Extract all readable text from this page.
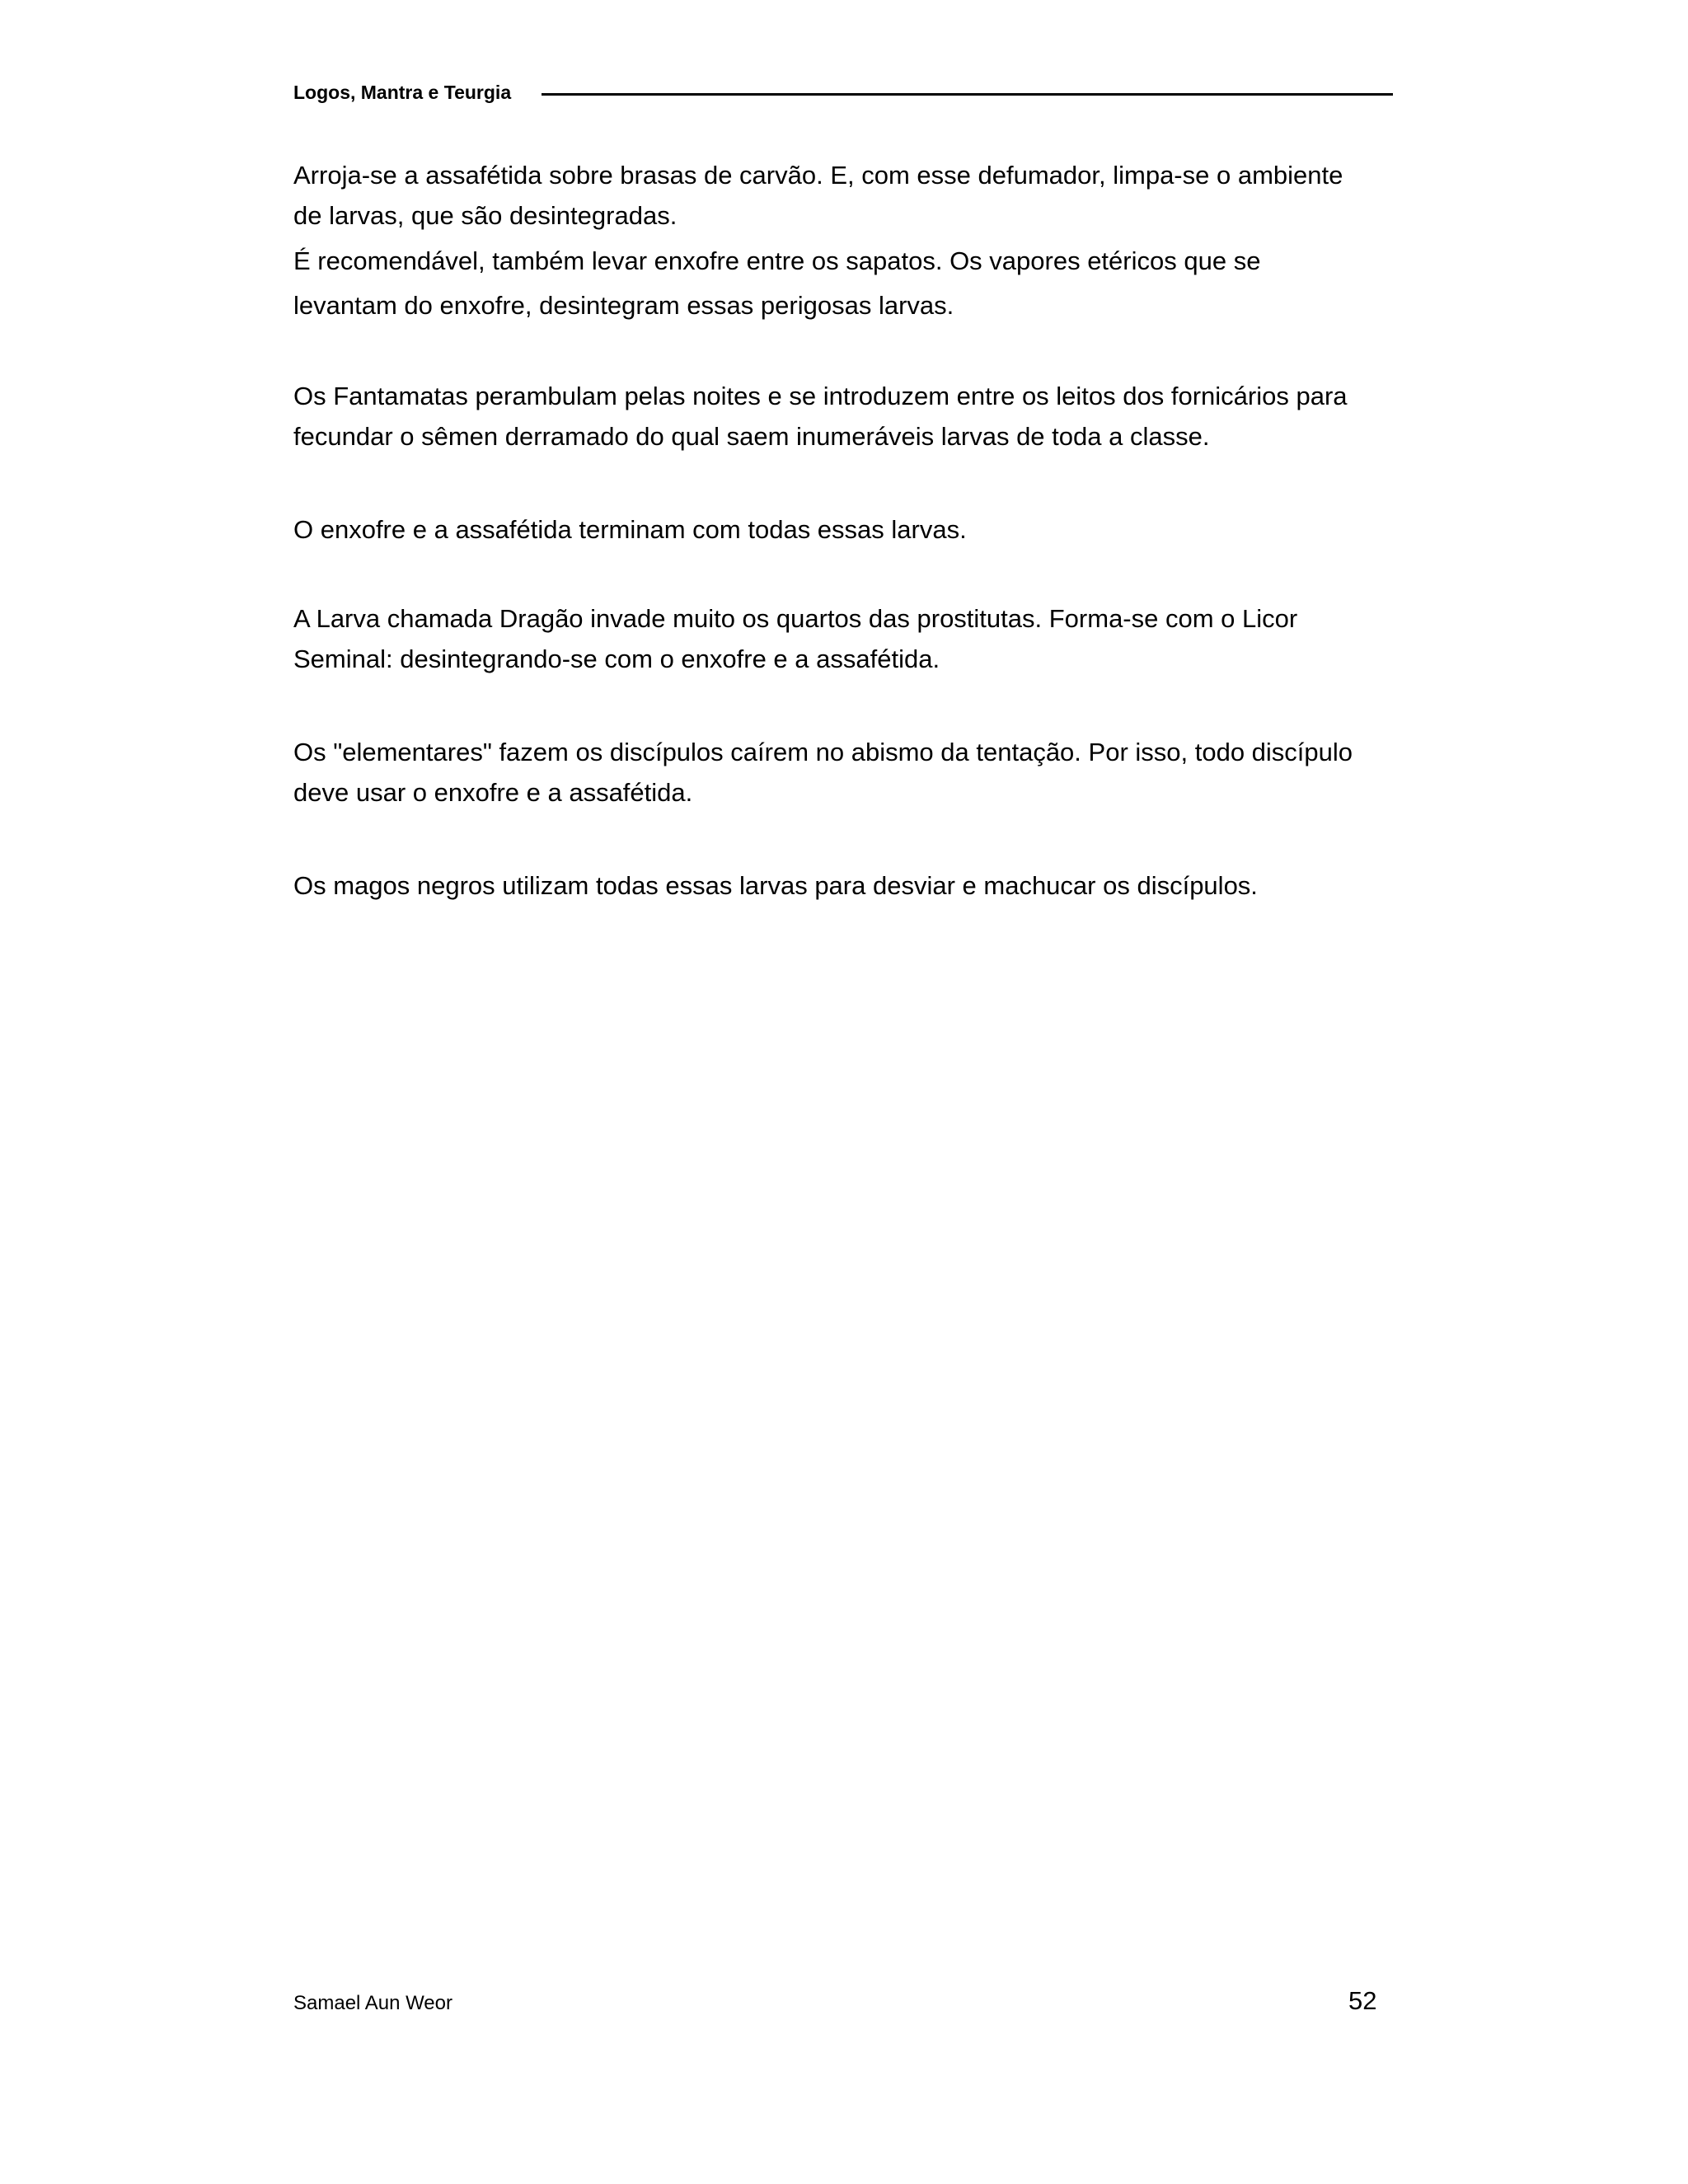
Logos, Mantra e Teurgia

Arroja-se a assafétida sobre brasas de carvão. E, com esse defumador, limpa-se o ambiente de larvas, que são desintegradas.

É recomendável, também levar enxofre entre os sapatos. Os vapores etéricos que se levantam do enxofre, desintegram essas perigosas larvas.

Os Fantamatas perambulam pelas noites e se introduzem entre os leitos dos fornicários para fecundar o sêmen derramado do qual saem inumeráveis larvas de toda a classe.

O enxofre e a assafétida terminam com todas essas larvas.

A Larva chamada Dragão invade muito os quartos das prostitutas. Forma-se com o Licor Seminal: desintegrando-se com o enxofre e a assafétida.

Os "elementares" fazem os discípulos caírem no abismo da tentação. Por isso, todo discípulo deve usar o enxofre e a assafétida.

Os magos negros utilizam todas essas larvas para desviar e machucar os discípulos.

Samael Aun Weor	52
